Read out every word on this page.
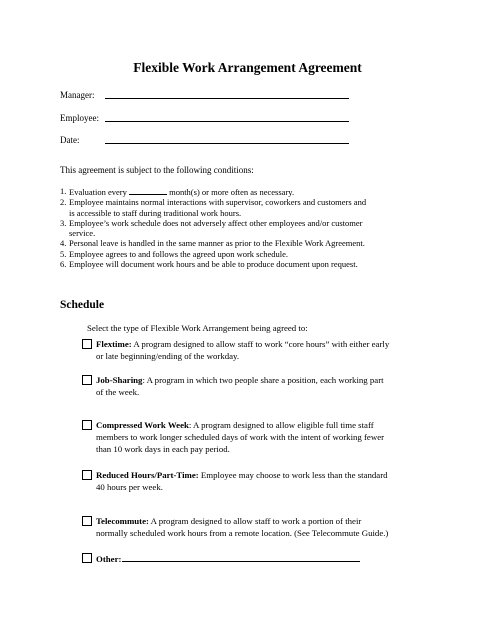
Flexible Work Arrangement Agreement
Manager:
Employee:
Date:
This agreement is subject to the following conditions:
1. Evaluation every	month(s) or more often as necessary.
2. Employee maintains normal interactions with supervisor, coworkers and customers and
is accessible to staff during traditional work hours.
3. Employee’s work schedule does not adversely affect other employees and/or customer
service.
4. Personal leave is handled in the same manner as prior to the Flexible Work Agreement.
5. Employee agrees to and follows the agreed upon work schedule.
6. Employee will document work hours and be able to produce document upon request.
Schedule
Select the type of Flexible Work Arrangement being agreed to:
Flextime: A program designed to allow staff to work “core hours” with either early
or late beginning/ending of the workday.
Job-Sharing: A program in which two people share a position, each working part
of the week.
Compressed Work Week: A program designed to allow eligible full time staff
members to work longer scheduled days of work with the intent of working fewer
than 10 work days in each pay period.
Reduced Hours/Part-Time: Employee may choose to work less than the standard
40 hours per week.
Telecommute: A program designed to allow staff to work a portion of their
normally scheduled work hours from a remote location. (See Telecommute Guide.)
Other:
